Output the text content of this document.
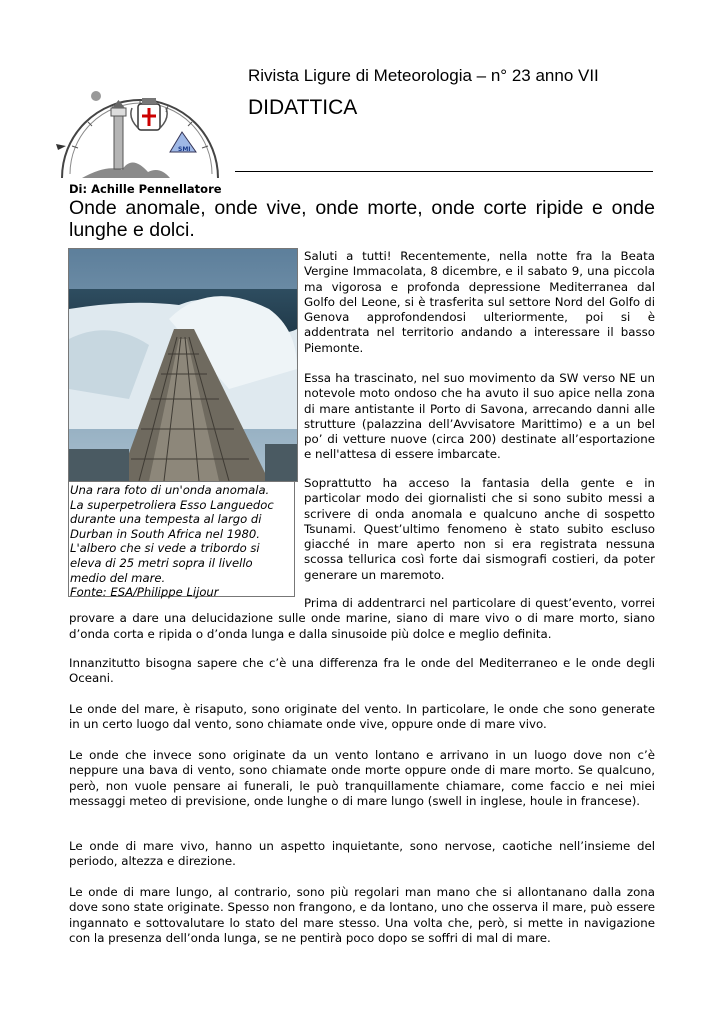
SMI
Rivista Ligure di Meteorologia – n° 23 anno VII
DIDATTICA
Di: Achille Pennellatore
Onde anomale, onde vive, onde morte, onde corte ripide e onde lunghe e dolci.
Una rara foto di un'onda anomala.
La superpetroliera Esso Languedoc
durante una tempesta al largo di
Durban in South Africa nel 1980.
L'albero che si vede a tribordo si
eleva di 25 metri sopra il livello
medio del mare.
Fonte: ESA/Philippe Lijour

Saluti a tutti! Recentemente, nella notte fra la Beata Vergine Immacolata, 8 dicembre, e il sabato 9, una piccola ma vigorosa e profonda depressione Mediterranea dal Golfo del Leone, si è trasferita sul settore Nord del Golfo di Genova approfondendosi ulteriormente, poi si è addentrata nel territorio andando a interessare il basso Piemonte.

Essa ha trascinato, nel suo movimento da SW verso NE un notevole moto ondoso che ha avuto il suo apice nella zona di mare antistante il Porto di Savona, arrecando danni alle strutture (palazzina dell’Avvisatore Marittimo) e a un bel po’ di vetture nuove (circa 200) destinate all’esportazione e nell'attesa di essere imbarcate.

Soprattutto ha acceso la fantasia della gente e in particolar modo dei giornalisti che si sono subito messi a scrivere di onda anomala e qualcuno anche di sospetto Tsunami. Quest’ultimo fenomeno è stato subito escluso giacché in mare aperto non si era registrata nessuna scossa tellurica così forte dai sismografi costieri, da poter generare un maremoto.

Prima di addentrarci nel particolare di quest’evento, vorrei provare a dare una delucidazione sulle onde marine, siano di mare vivo o di mare morto, siano d’onda corta e ripida o d’onda lunga e dalla sinusoide più dolce e meglio definita.

Innanzitutto bisogna sapere che c’è una differenza fra le onde del Mediterraneo e le onde degli Oceani.

Le onde del mare, è risaputo, sono originate del vento. In particolare, le onde che sono generate in un certo luogo dal vento, sono chiamate onde vive, oppure onde di mare vivo.

Le onde che invece sono originate da un vento lontano e arrivano in un luogo dove non c’è neppure una bava di vento, sono chiamate onde morte oppure onde di mare morto. Se qualcuno, però, non vuole pensare ai funerali, le può tranquillamente chiamare, come faccio e nei miei messaggi meteo di previsione, onde lunghe o di mare lungo (swell in inglese, houle in francese).

Le onde di mare vivo, hanno un aspetto inquietante, sono nervose, caotiche nell’insieme del periodo, altezza e direzione.

Le onde di mare lungo, al contrario, sono più regolari man mano che si allontanano dalla zona dove sono state originate. Spesso non frangono, e da lontano, uno che osserva il mare, può essere ingannato e sottovalutare lo stato del mare stesso. Una volta che, però, si mette in navigazione con la presenza dell’onda lunga, se ne pentirà poco dopo se soffri di mal di mare.
